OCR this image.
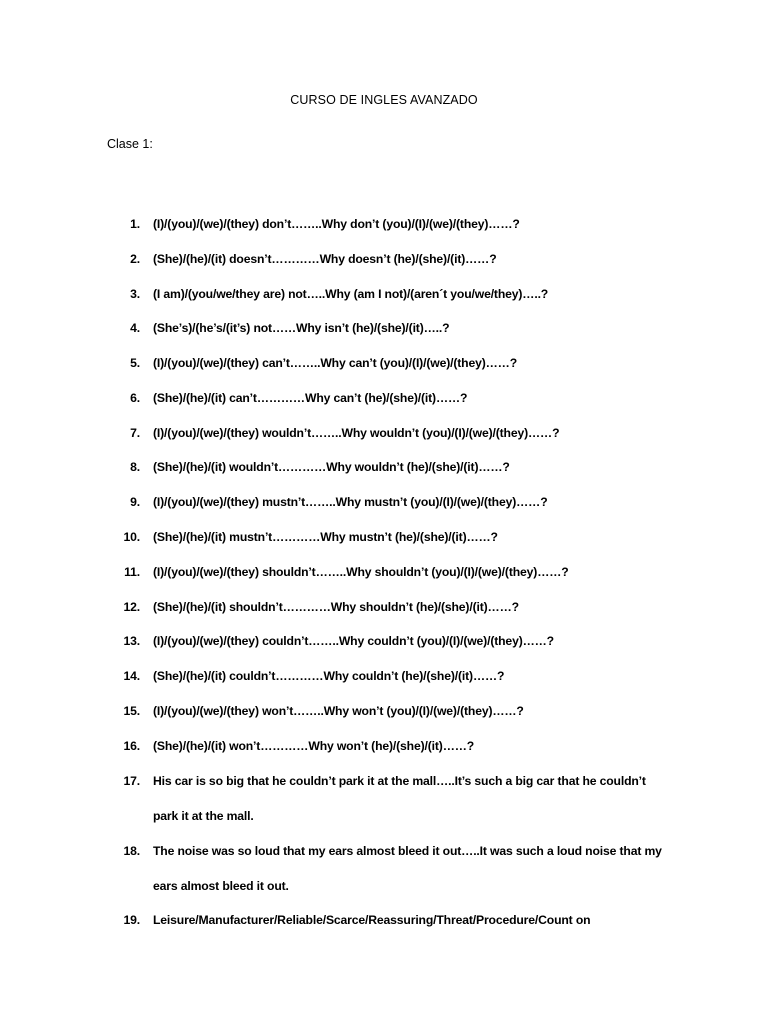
CURSO DE INGLES AVANZADO
Clase 1:
1. (I)/(you)/(we)/(they) don’t……..Why don’t (you)/(I)/(we)/(they)……?
2. (She)/(he)/(it) doesn’t…………Why doesn’t (he)/(she)/(it)……?
3. (I am)/(you/we/they are) not…..Why (am I not)/(aren´t you/we/they)…..?
4. (She’s)/(he’s/(it’s) not……Why isn’t (he)/(she)/(it)…..?
5. (I)/(you)/(we)/(they) can’t……..Why can’t (you)/(I)/(we)/(they)……?
6. (She)/(he)/(it) can’t…………Why can’t (he)/(she)/(it)……?
7. (I)/(you)/(we)/(they) wouldn’t……..Why wouldn’t (you)/(I)/(we)/(they)……?
8. (She)/(he)/(it) wouldn’t…………Why wouldn’t (he)/(she)/(it)……?
9. (I)/(you)/(we)/(they) mustn’t……..Why mustn’t (you)/(I)/(we)/(they)……?
10. (She)/(he)/(it) mustn’t…………Why mustn’t (he)/(she)/(it)……?
11. (I)/(you)/(we)/(they) shouldn’t……..Why shouldn’t (you)/(I)/(we)/(they)……?
12. (She)/(he)/(it) shouldn’t…………Why shouldn’t (he)/(she)/(it)……?
13. (I)/(you)/(we)/(they) couldn’t……..Why couldn’t (you)/(I)/(we)/(they)……?
14. (She)/(he)/(it) couldn’t…………Why couldn’t (he)/(she)/(it)……?
15. (I)/(you)/(we)/(they) won’t……..Why won’t (you)/(I)/(we)/(they)……?
16. (She)/(he)/(it) won’t…………Why won’t (he)/(she)/(it)……?
17. His car is so big that he couldn’t park it at the mall…..It’s such a big car that he couldn’t
park it at the mall.
18. The noise was so loud that my ears almost bleed it out…..It was such a loud noise that my
ears almost bleed it out.
19. Leisure/Manufacturer/Reliable/Scarce/Reassuring/Threat/Procedure/Count on
